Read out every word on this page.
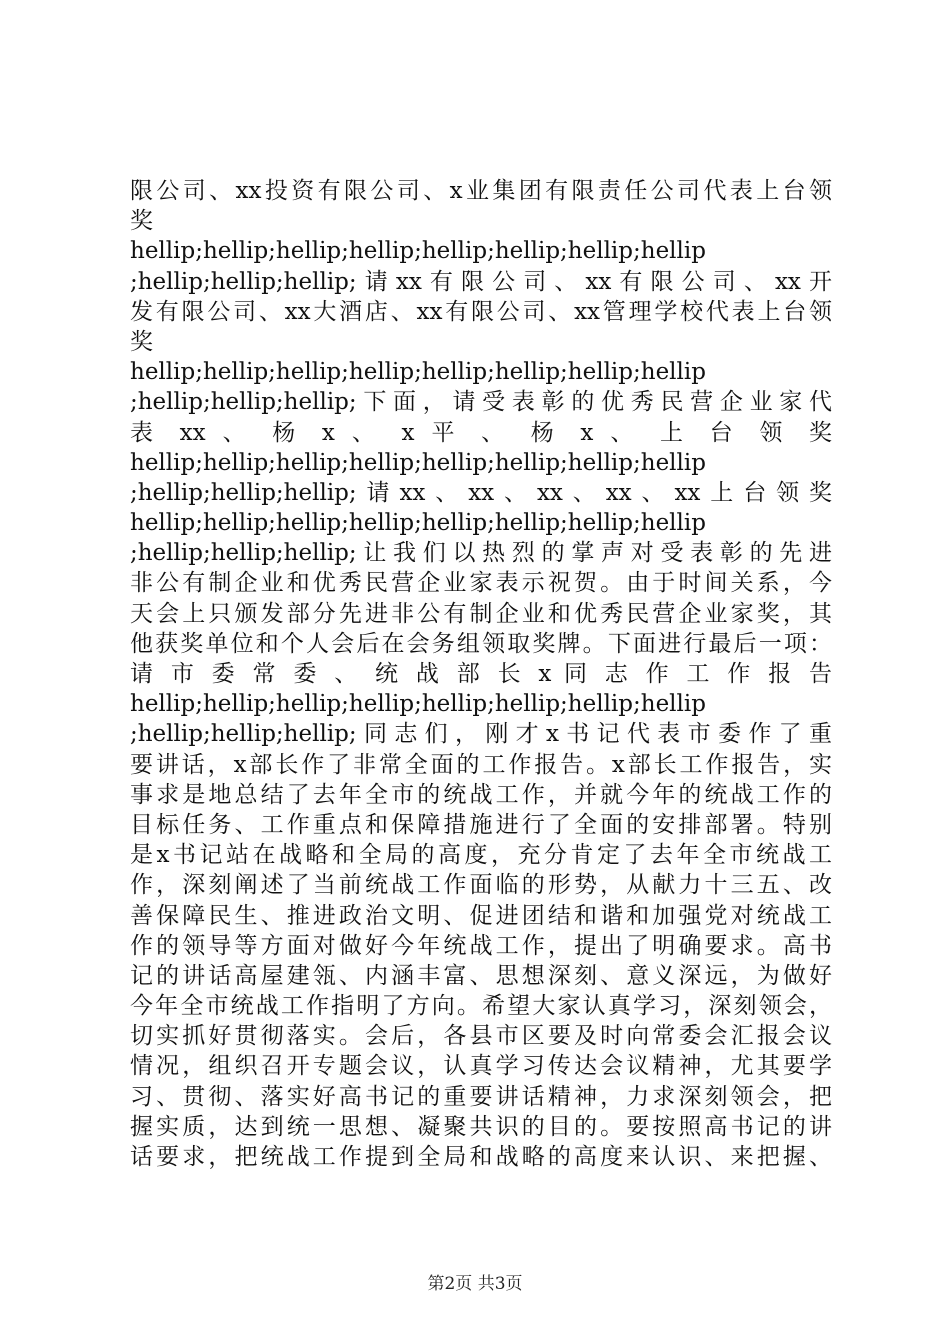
限公司、xx投资有限公司、x业集团有限责任公司代表上台领
奖
hellip;hellip;hellip;hellip;hellip;hellip;hellip;hellip
;hellip;hellip;hellip;请xx有限公司、xx有限公司、xx开
发有限公司、xx大酒店、xx有限公司、xx管理学校代表上台领
奖
hellip;hellip;hellip;hellip;hellip;hellip;hellip;hellip
;hellip;hellip;hellip;下面，请受表彰的优秀民营企业家代
表 xx 、 杨 x 、 x 平 、 杨 x 、 上 台 领 奖
hellip;hellip;hellip;hellip;hellip;hellip;hellip;hellip
;hellip;hellip;hellip;请xx、xx、xx、xx、xx上台领奖
hellip;hellip;hellip;hellip;hellip;hellip;hellip;hellip
;hellip;hellip;hellip;让我们以热烈的掌声对受表彰的先进
非公有制企业和优秀民营企业家表示祝贺。由于时间关系，今
天会上只颁发部分先进非公有制企业和优秀民营企业家奖，其
他获奖单位和个人会后在会务组领取奖牌。下面进行最后一项：
请 市 委 常 委 、 统 战 部 长 x 同 志 作 工 作 报 告
hellip;hellip;hellip;hellip;hellip;hellip;hellip;hellip
;hellip;hellip;hellip;同志们，刚才x书记代表市委作了重
要讲话，x部长作了非常全面的工作报告。x部长工作报告，实
事求是地总结了去年全市的统战工作，并就今年的统战工作的
目标任务、工作重点和保障措施进行了全面的安排部署。特别
是x书记站在战略和全局的高度，充分肯定了去年全市统战工
作，深刻阐述了当前统战工作面临的形势，从献力十三五、改
善保障民生、推进政治文明、促进团结和谐和加强党对统战工
作的领导等方面对做好今年统战工作，提出了明确要求。高书
记的讲话高屋建瓴、内涵丰富、思想深刻、意义深远，为做好
今年全市统战工作指明了方向。希望大家认真学习，深刻领会，
切实抓好贯彻落实。会后，各县市区要及时向常委会汇报会议
情况，组织召开专题会议，认真学习传达会议精神，尤其要学
习、贯彻、落实好高书记的重要讲话精神，力求深刻领会，把
握实质，达到统一思想、凝聚共识的目的。要按照高书记的讲
话要求，把统战工作提到全局和战略的高度来认识、来把握、
第2页 共3页
